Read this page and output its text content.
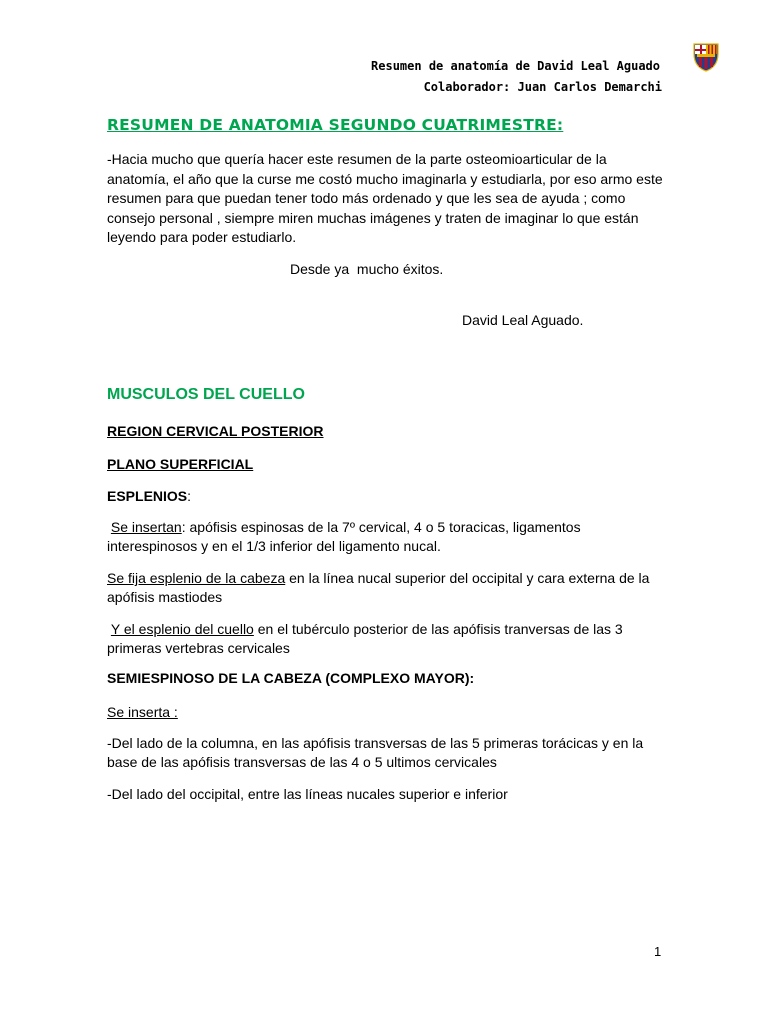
Resumen de anatomía de David Leal Aguado
Colaborador: Juan Carlos Demarchi
RESUMEN DE ANATOMIA SEGUNDO CUATRIMESTRE:

-Hacia mucho que quería hacer este resumen de la parte osteomioarticular de la anatomía, el año que la curse me costó mucho imaginarla y estudiarla, por eso armo este resumen para que puedan tener todo más ordenado y que les sea de ayuda ; como consejo personal , siempre miren muchas imágenes y traten de imaginar lo que están leyendo para poder estudiarlo.

Desde ya  mucho éxitos.

David Leal Aguado.

MUSCULOS DEL CUELLO

REGION CERVICAL POSTERIOR

PLANO SUPERFICIAL

ESPLENIOS:

Se insertan: apófisis espinosas de la 7º cervical, 4 o 5 toracicas, ligamentos interespinosos y en el 1/3 inferior del ligamento nucal.

Se fija esplenio de la cabeza en la línea nucal superior del occipital y cara externa de la apófisis mastiodes

Y el esplenio del cuello en el tubérculo posterior de las apófisis tranversas de las 3 primeras vertebras cervicales

SEMIESPINOSO DE LA CABEZA (COMPLEXO MAYOR):

Se inserta :

-Del lado de la columna, en las apófisis transversas de las 5 primeras torácicas y en la base de las apófisis transversas de las 4 o 5 ultimos cervicales

-Del lado del occipital, entre las líneas nucales superior e inferior

1
